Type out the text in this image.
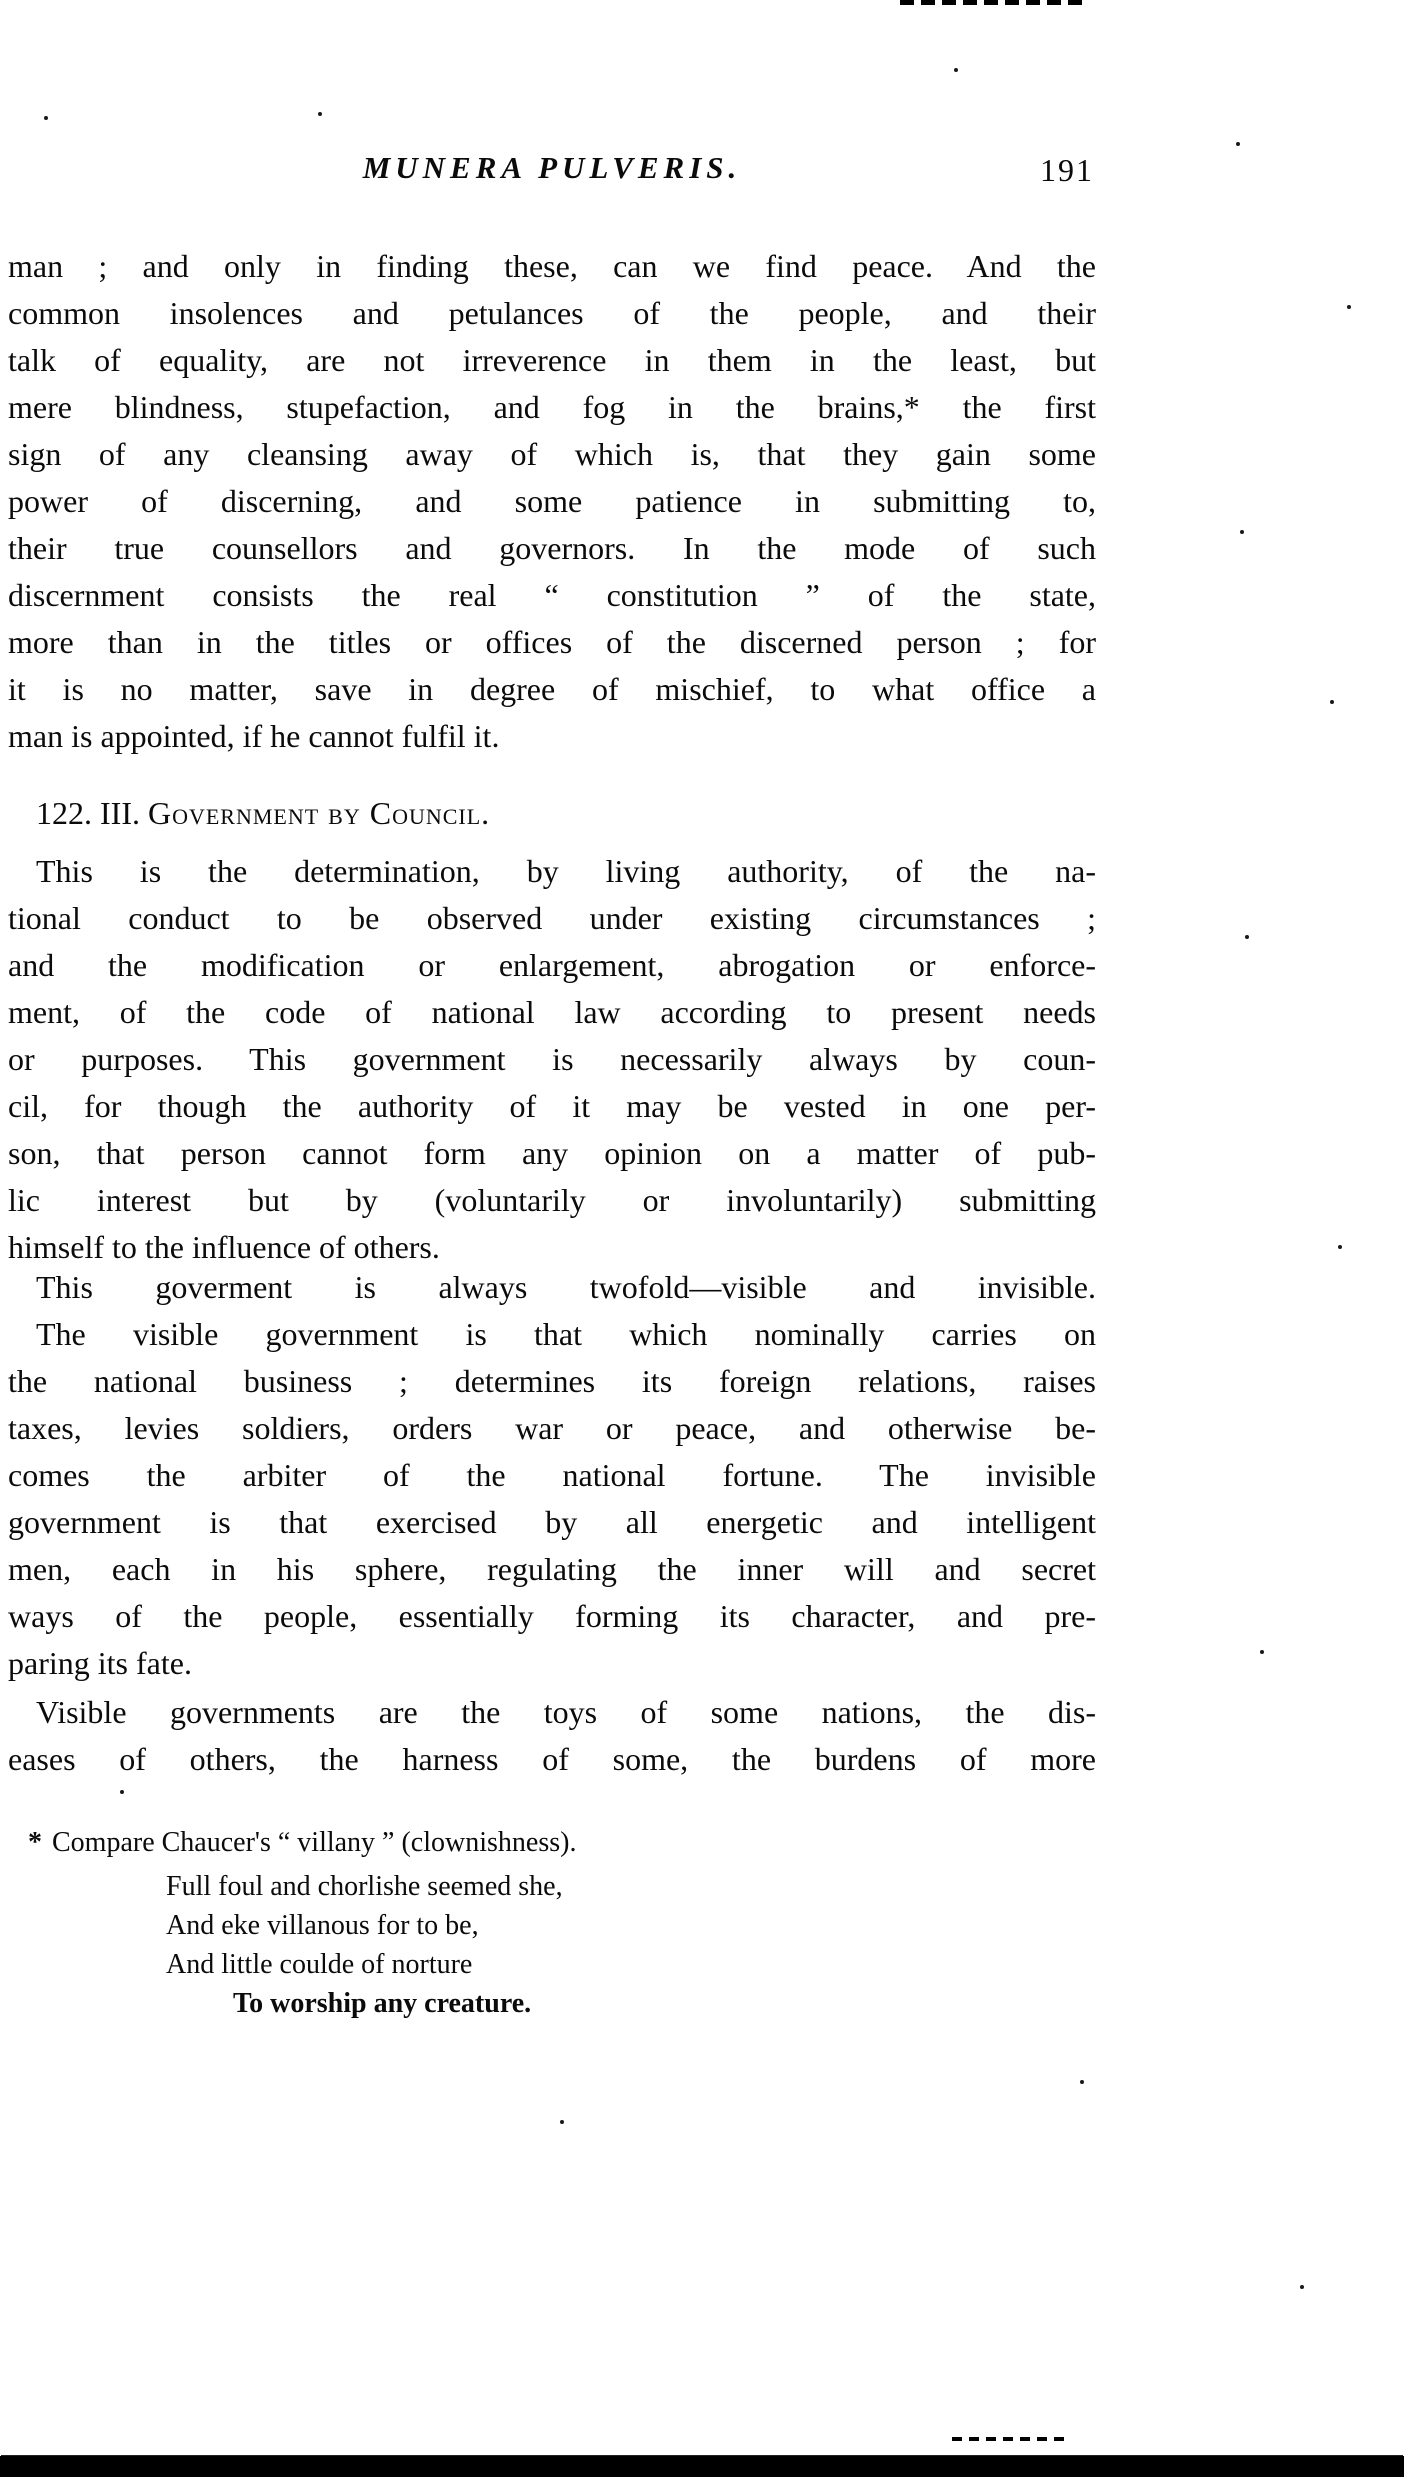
MUNERA PULVERIS.	191
man ; and only in finding these, can we find peace. And the
common insolences and petulances of the people, and their
talk of equality, are not irreverence in them in the least, but
mere blindness, stupefaction, and fog in the brains,* the first
sign of any cleansing away of which is, that they gain some
power of discerning, and some patience in submitting to,
their true counsellors and governors. In the mode of such
discernment consists the real “ constitution ” of the state,
more than in the titles or offices of the discerned person ; for
it is no matter, save in degree of mischief, to what office a
man is appointed, if he cannot fulfil it.
122. III. Government by Council.
This is the determination, by living authority, of the na-
tional conduct to be observed under existing circumstances ;
and the modification or enlargement, abrogation or enforce-
ment, of the code of national law according to present needs
or purposes. This government is necessarily always by coun-
cil, for though the authority of it may be vested in one per-
son, that person cannot form any opinion on a matter of pub-
lic interest but by (voluntarily or involuntarily) submitting
himself to the influence of others.
This goverment is always twofold—visible and invisible.
The visible government is that which nominally carries on
the national business ; determines its foreign relations, raises
taxes, levies soldiers, orders war or peace, and otherwise be-
comes the arbiter of the national fortune. The invisible
government is that exercised by all energetic and intelligent
men, each in his sphere, regulating the inner will and secret
ways of the people, essentially forming its character, and pre-
paring its fate.
Visible governments are the toys of some nations, the dis-
eases of others, the harness of some, the burdens of more
* Compare Chaucer's “ villany ” (clownishness).
Full foul and chorlishe seemed she,
And eke villanous for to be,
And little coulde of norture
To worship any creature.
